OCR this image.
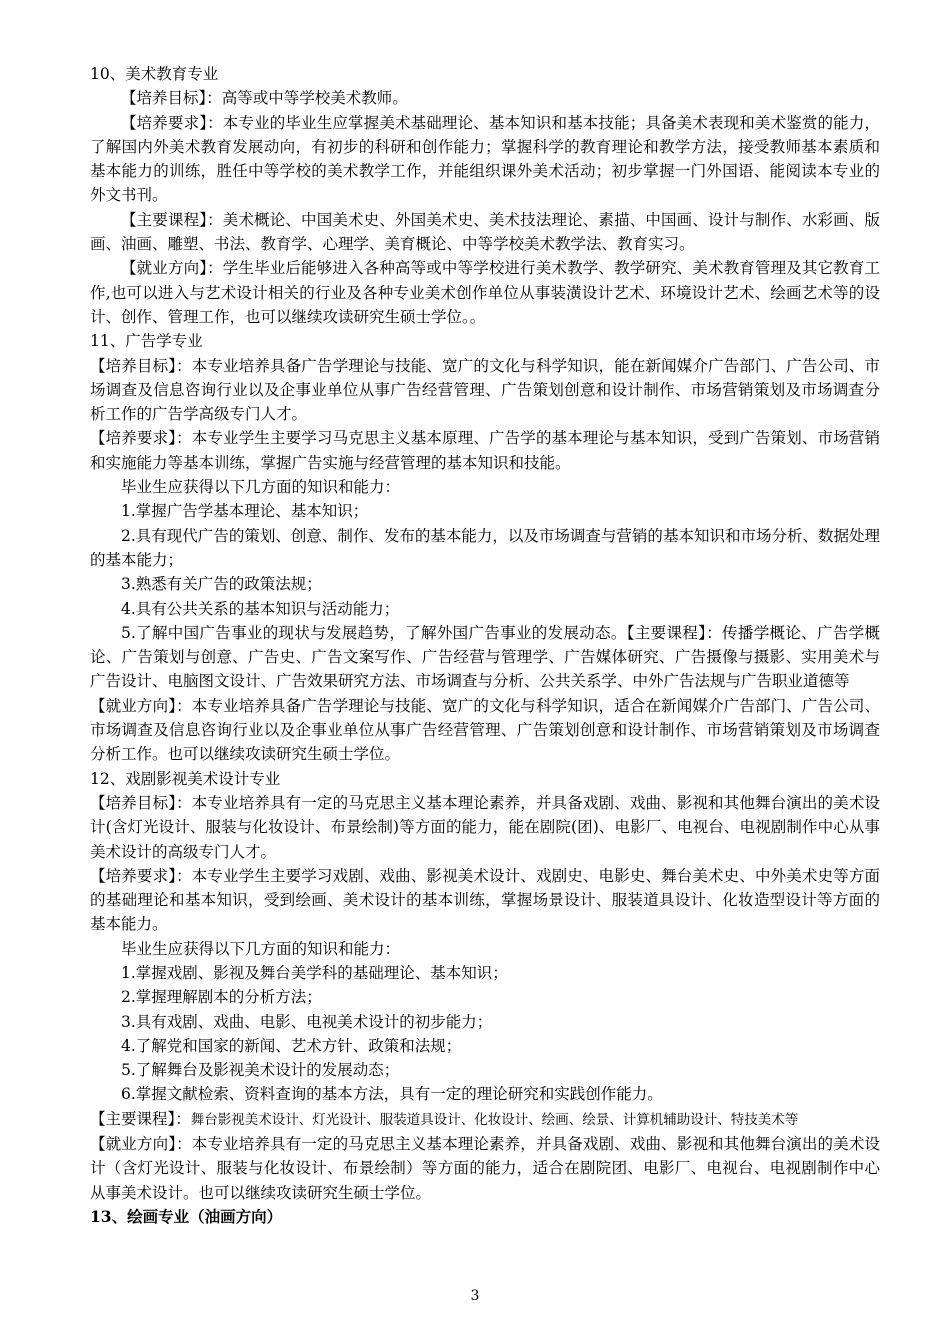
10、美术教育专业

【培养目标】：高等或中等学校美术教师。

【培养要求】：本专业的毕业生应掌握美术基础理论、基本知识和基本技能；具备美术表现和美术鉴赏的能力，了解国内外美术教育发展动向，有初步的科研和创作能力；掌握科学的教育理论和教学方法，接受教师基本素质和基本能力的训练，胜任中等学校的美术教学工作，并能组织课外美术活动；初步掌握一门外国语、能阅读本专业的外文书刊。

【主要课程】：美术概论、中国美术史、外国美术史、美术技法理论、素描、中国画、设计与制作、水彩画、版画、油画、雕塑、书法、教育学、心理学、美育概论、中等学校美术教学法、教育实习。

【就业方向】：学生毕业后能够进入各种高等或中等学校进行美术教学、教学研究、美术教育管理及其它教育工作,也可以进入与艺术设计相关的行业及各种专业美术创作单位从事装潢设计艺术、环境设计艺术、绘画艺术等的设计、创作、管理工作，也可以继续攻读研究生硕士学位。。

11、广告学专业

【培养目标】：本专业培养具备广告学理论与技能、宽广的文化与科学知识，能在新闻媒介广告部门、广告公司、市场调查及信息咨询行业以及企事业单位从事广告经营管理、广告策划创意和设计制作、市场营销策划及市场调查分析工作的广告学高级专门人才。

【培养要求】：本专业学生主要学习马克思主义基本原理、广告学的基本理论与基本知识，受到广告策划、市场营销和实施能力等基本训练，掌握广告实施与经营管理的基本知识和技能。

毕业生应获得以下几方面的知识和能力：

1.掌握广告学基本理论、基本知识；

2.具有现代广告的策划、创意、制作、发布的基本能力，以及市场调查与营销的基本知识和市场分析、数据处理的基本能力；

3.熟悉有关广告的政策法规；

4.具有公共关系的基本知识与活动能力；

5.了解中国广告事业的现状与发展趋势，了解外国广告事业的发展动态。【主要课程】：传播学概论、广告学概论、广告策划与创意、广告史、广告文案写作、广告经营与管理学、广告媒体研究、广告摄像与摄影、实用美术与广告设计、电脑图文设计、广告效果研究方法、市场调查与分析、公共关系学、中外广告法规与广告职业道德等

【就业方向】：本专业培养具备广告学理论与技能、宽广的文化与科学知识，适合在新闻媒介广告部门、广告公司、市场调查及信息咨询行业以及企事业单位从事广告经营管理、广告策划创意和设计制作、市场营销策划及市场调查分析工作。也可以继续攻读研究生硕士学位。

12、戏剧影视美术设计专业

【培养目标】：本专业培养具有一定的马克思主义基本理论素养，并具备戏剧、戏曲、影视和其他舞台演出的美术设计(含灯光设计、服装与化妆设计、布景绘制)等方面的能力，能在剧院(团)、电影厂、电视台、电视剧制作中心从事美术设计的高级专门人才。

【培养要求】：本专业学生主要学习戏剧、戏曲、影视美术设计、戏剧史、电影史、舞台美术史、中外美术史等方面的基础理论和基本知识，受到绘画、美术设计的基本训练，掌握场景设计、服装道具设计、化妆造型设计等方面的基本能力。

毕业生应获得以下几方面的知识和能力：

1.掌握戏剧、影视及舞台美学科的基础理论、基本知识；

2.掌握理解剧本的分析方法；

3.具有戏剧、戏曲、电影、电视美术设计的初步能力；

4.了解党和国家的新闻、艺术方针、政策和法规；

5.了解舞台及影视美术设计的发展动态；

6.掌握文献检索、资料查询的基本方法，具有一定的理论研究和实践创作能力。

【主要课程】：舞台影视美术设计、灯光设计、服装道具设计、化妆设计、绘画、绘景、计算机辅助设计、特技美术等

【就业方向】：本专业培养具有一定的马克思主义基本理论素养，并具备戏剧、戏曲、影视和其他舞台演出的美术设计（含灯光设计、服装与化妆设计、布景绘制）等方面的能力，适合在剧院团、电影厂、电视台、电视剧制作中心从事美术设计。也可以继续攻读研究生硕士学位。

13、绘画专业（油画方向）

3
